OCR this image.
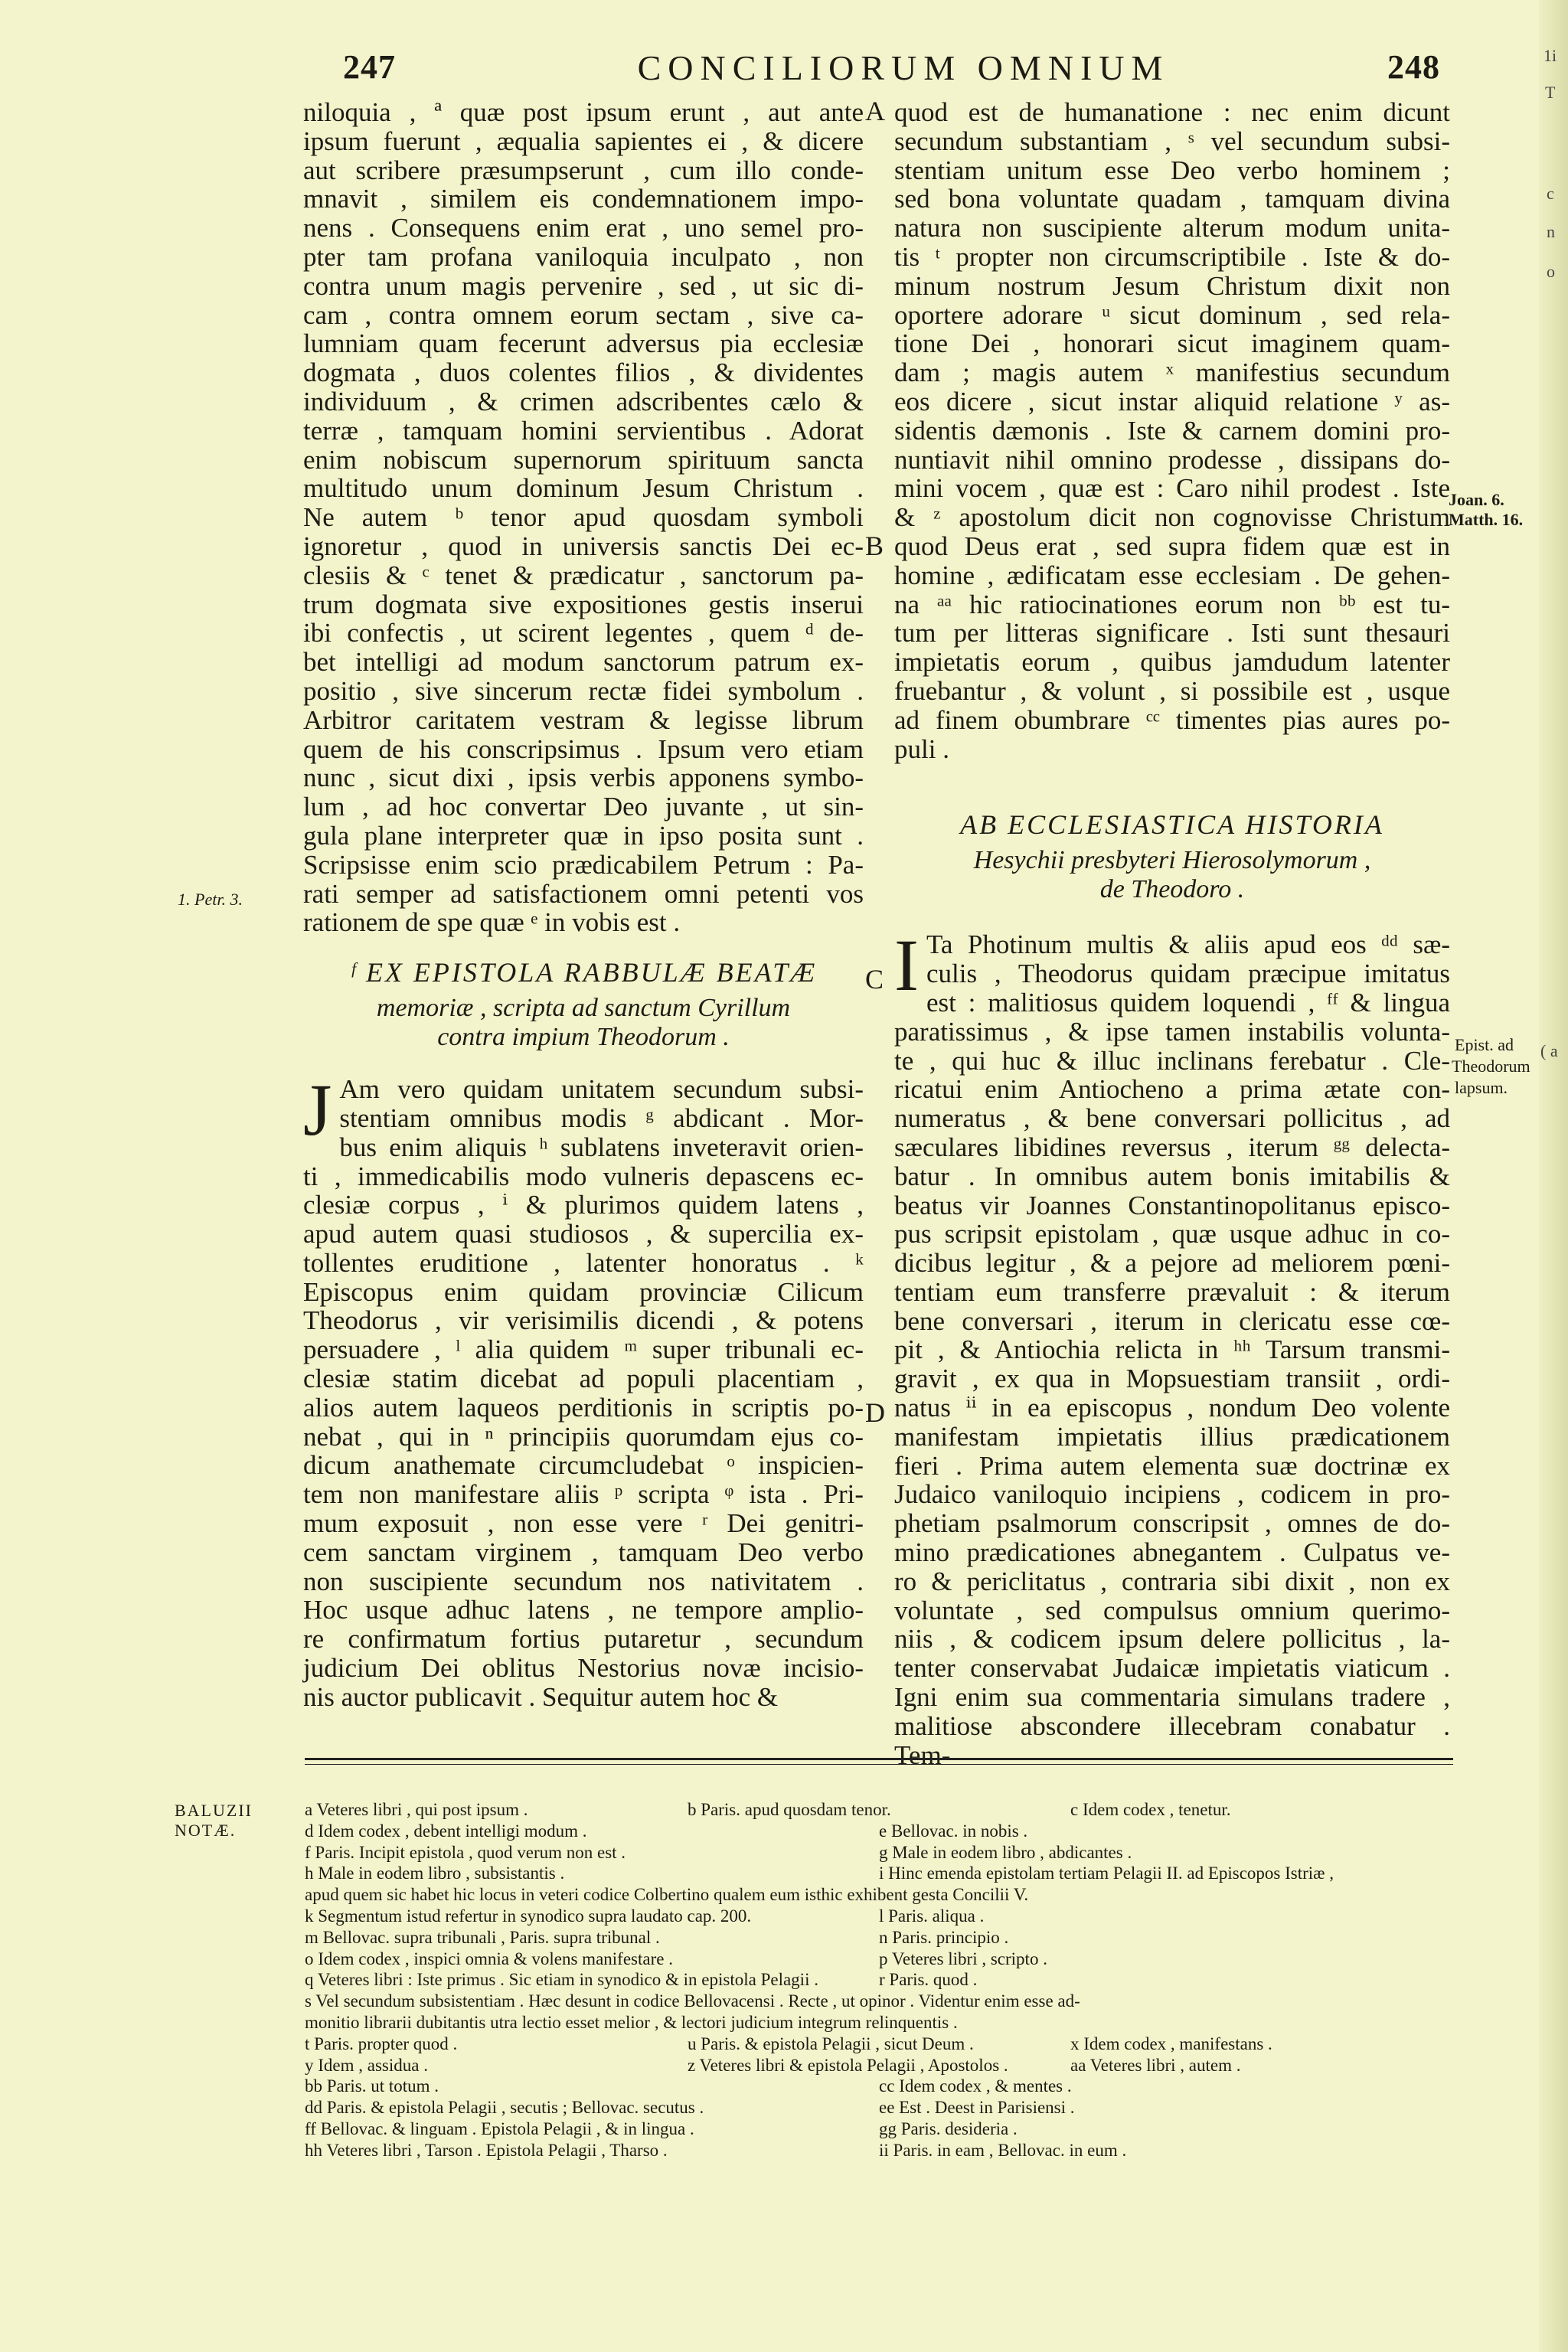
1i
T
c
n
o
( a
247	CONCILIORUM OMNIUM	248
niloquia , ª quæ post ipsum erunt , aut ante
ipsum fuerunt , æqualia sapientes ei , & dicere
aut scribere præsumpserunt , cum illo conde-
mnavit , similem eis condemnationem impo-
nens . Consequens enim erat , uno semel pro-
pter tam profana vaniloquia inculpato , non
contra unum magis pervenire , sed , ut sic di-
cam , contra omnem eorum sectam , sive ca-
lumniam quam fecerunt adversus pia ecclesiæ
dogmata , duos colentes filios , & dividentes
individuum , & crimen adscribentes cælo &
terræ , tamquam homini servientibus . Adorat
enim nobiscum supernorum spirituum sancta
multitudo unum dominum Jesum Christum .
Ne autem ᵇ tenor apud quosdam symboli
ignoretur , quod in universis sanctis Dei ec-
clesiis & ᶜ tenet & prædicatur , sanctorum pa-
trum dogmata sive expositiones gestis inserui
ibi confectis , ut scirent legentes , quem ᵈ de-
bet intelligi ad modum sanctorum patrum ex-
positio , sive sincerum rectæ fidei symbolum .
Arbitror caritatem vestram & legisse librum
quem de his conscripsimus . Ipsum vero etiam
nunc , sicut dixi , ipsis verbis apponens symbo-
lum , ad hoc convertar Deo juvante , ut sin-
gula plane interpreter quæ in ipso posita sunt .
Scripsisse enim scio prædicabilem Petrum : Pa-
rati semper ad satisfactionem omni petenti vos
rationem de spe quæ ᵉ in vobis est .
ᶠ EX EPISTOLA RABBULÆ BEATÆ
memoriæ , scripta ad sanctum Cyrillum
contra impium Theodorum .
J Am vero quidam unitatem secundum subsi-
stentiam omnibus modis ᵍ abdicant . Mor-
bus enim aliquis ʰ sublatens inveteravit orien-
ti , immedicabilis modo vulneris depascens ec-
clesiæ corpus , ⁱ & plurimos quidem latens ,
apud autem quasi studiosos , & supercilia ex-
tollentes eruditione , latenter honoratus . ᵏ
Episcopus enim quidam provinciæ Cilicum
Theodorus , vir verisimilis dicendi , & potens
persuadere , ˡ alia quidem ᵐ super tribunali ec-
clesiæ statim dicebat ad populi placentiam ,
alios autem laqueos perditionis in scriptis po-
nebat , qui in ⁿ principiis quorumdam ejus co-
dicum anathemate circumcludebat ᵒ inspicien-
tem non manifestare aliis ᵖ scripta ᵠ ista . Pri-
mum exposuit , non esse vere ʳ Dei genitri-
cem sanctam virginem , tamquam Deo verbo
non suscipiente secundum nos nativitatem .
Hoc usque adhuc latens , ne tempore amplio-
re confirmatum fortius putaretur , secundum
judicium Dei oblitus Nestorius novæ incisio-
nis auctor publicavit . Sequitur autem hoc &
quod est de humanatione : nec enim dicunt
secundum substantiam , ˢ vel secundum subsi-
stentiam unitum esse Deo verbo hominem ;
sed bona voluntate quadam , tamquam divina
natura non suscipiente alterum modum unita-
tis ᵗ propter non circumscriptibile . Iste & do-
minum nostrum Jesum Christum dixit non
oportere adorare ᵘ sicut dominum , sed rela-
tione Dei , honorari sicut imaginem quam-
dam ; magis autem ˣ manifestius secundum
eos dicere , sicut instar aliquid relatione ʸ as-
sidentis dæmonis . Iste & carnem domini pro-
nuntiavit nihil omnino prodesse , dissipans do-
mini vocem , quæ est : Caro nihil prodest . Iste
& ᶻ apostolum dicit non cognovisse Christum
quod Deus erat , sed supra fidem quæ est in
homine , ædificatam esse ecclesiam . De gehen-
na ᵃᵃ hic ratiocinationes eorum non ᵇᵇ est tu-
tum per litteras significare . Isti sunt thesauri
impietatis eorum , quibus jamdudum latenter
fruebantur , & volunt , si possibile est , usque
ad finem obumbrare ᶜᶜ timentes pias aures po-
puli .
AB ECCLESIASTICA HISTORIA
Hesychii presbyteri Hierosolymorum ,
de Theodoro .
I Ta Photinum multis & aliis apud eos ᵈᵈ sæ-
culis , Theodorus quidam præcipue imitatus
est : malitiosus quidem loquendi , ᶠᶠ & lingua
paratissimus , & ipse tamen instabilis volunta-
te , qui huc & illuc inclinans ferebatur . Cle-
ricatui enim Antiocheno a prima ætate con-
numeratus , & bene conversari pollicitus , ad
sæculares libidines reversus , iterum ᵍᵍ delecta-
batur . In omnibus autem bonis imitabilis &
beatus vir Joannes Constantinopolitanus episco-
pus scripsit epistolam , quæ usque adhuc in co-
dicibus legitur , & a pejore ad meliorem pœni-
tentiam eum transferre prævaluit : & iterum
bene conversari , iterum in clericatu esse cœ-
pit , & Antiochia relicta in ʰʰ Tarsum transmi-
gravit , ex qua in Mopsuestiam transiit , ordi-
natus ⁱⁱ in ea episcopus , nondum Deo volente
manifestam impietatis illius prædicationem
fieri . Prima autem elementa suæ doctrinæ ex
Judaico vaniloquio incipiens , codicem in pro-
phetiam psalmorum conscripsit , omnes de do-
mino prædicationes abnegantem . Culpatus ve-
ro & periclitatus , contraria sibi dixit , non ex
voluntate , sed compulsus omnium querimo-
niis , & codicem ipsum delere pollicitus , la-
tenter conservabat Judaicæ impietatis viaticum .
Igni enim sua commentaria simulans tradere ,
malitiose abscondere illecebram conabatur .
Tem-
A
B
C
D
1. Petr. 3.
Joan. 6.
Matth. 16.
Epist. ad
Theodorum
lapsum.
BALUZII
NOTÆ.
a Veteres libri , qui post ipsum .	b Paris. apud quosdam tenor.	c Idem codex , tenetur.
d Idem codex , debent intelligi modum .	e Bellovac. in nobis .
f Paris. Incipit epistola , quod verum non est .	g Male in eodem libro , abdicantes .
h Male in eodem libro , subsistantis .	i Hinc emenda epistolam tertiam Pelagii II. ad Episcopos Istriæ ,
apud quem sic habet hic locus in veteri codice Colbertino qualem eum isthic exhibent gesta Concilii V.
k Segmentum istud refertur in synodico supra laudato cap. 200.	l Paris. aliqua .
m Bellovac. supra tribunali , Paris. supra tribunal .	n Paris. principio .
o Idem codex , inspici omnia & volens manifestare .	p Veteres libri , scripto .
q Veteres libri : Iste primus . Sic etiam in synodico & in epistola Pelagii .	r Paris. quod .
s Vel secundum subsistentiam . Hæc desunt in codice Bellovacensi . Recte , ut opinor . Videntur enim esse ad-
monitio librarii dubitantis utra lectio esset melior , & lectori judicium integrum relinquentis .
t Paris. propter quod .	u Paris. & epistola Pelagii , sicut Deum .	x Idem codex , manifestans .
y Idem , assidua .	z Veteres libri & epistola Pelagii , Apostolos .	aa Veteres libri , autem .
bb Paris. ut totum .	cc Idem codex , & mentes .
dd Paris. & epistola Pelagii , secutis ; Bellovac. secutus .	ee Est . Deest in Parisiensi .
ff Bellovac. & linguam . Epistola Pelagii , & in lingua .	gg Paris. desideria .
hh Veteres libri , Tarson . Epistola Pelagii , Tharso .	ii Paris. in eam , Bellovac. in eum .
